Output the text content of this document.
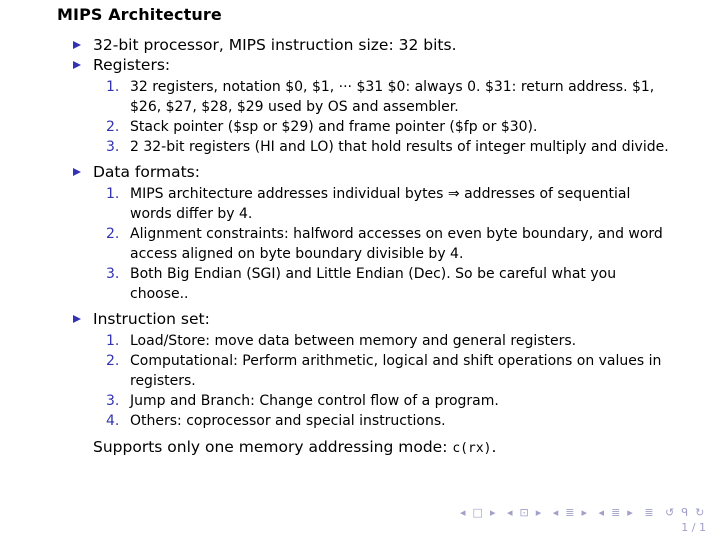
MIPS Architecture
32-bit processor, MIPS instruction size: 32 bits.
Registers:
1. 32 registers, notation $0, $1, ··· $31 $0: always 0. $31: return address. $1, $26, $27, $28, $29 used by OS and assembler.
2. Stack pointer ($sp or $29) and frame pointer ($fp or $30).
3. 2 32-bit registers (HI and LO) that hold results of integer multiply and divide.
Data formats:
1. MIPS architecture addresses individual bytes ⇒ addresses of sequential words differ by 4.
2. Alignment constraints: halfword accesses on even byte boundary, and word access aligned on byte boundary divisible by 4.
3. Both Big Endian (SGI) and Little Endian (Dec). So be careful what you choose..
Instruction set:
1. Load/Store: move data between memory and general registers.
2. Computational: Perform arithmetic, logical and shift operations on values in registers.
3. Jump and Branch: Change control flow of a program.
4. Others: coprocessor and special instructions.
Supports only one memory addressing mode: c(rx).
◂ □ ▸ ◂ ⊡ ▸ ◂ ≣ ▸ ◂ ≣ ▸ ≣ ↺ ᑫ ↻
1 / 1
